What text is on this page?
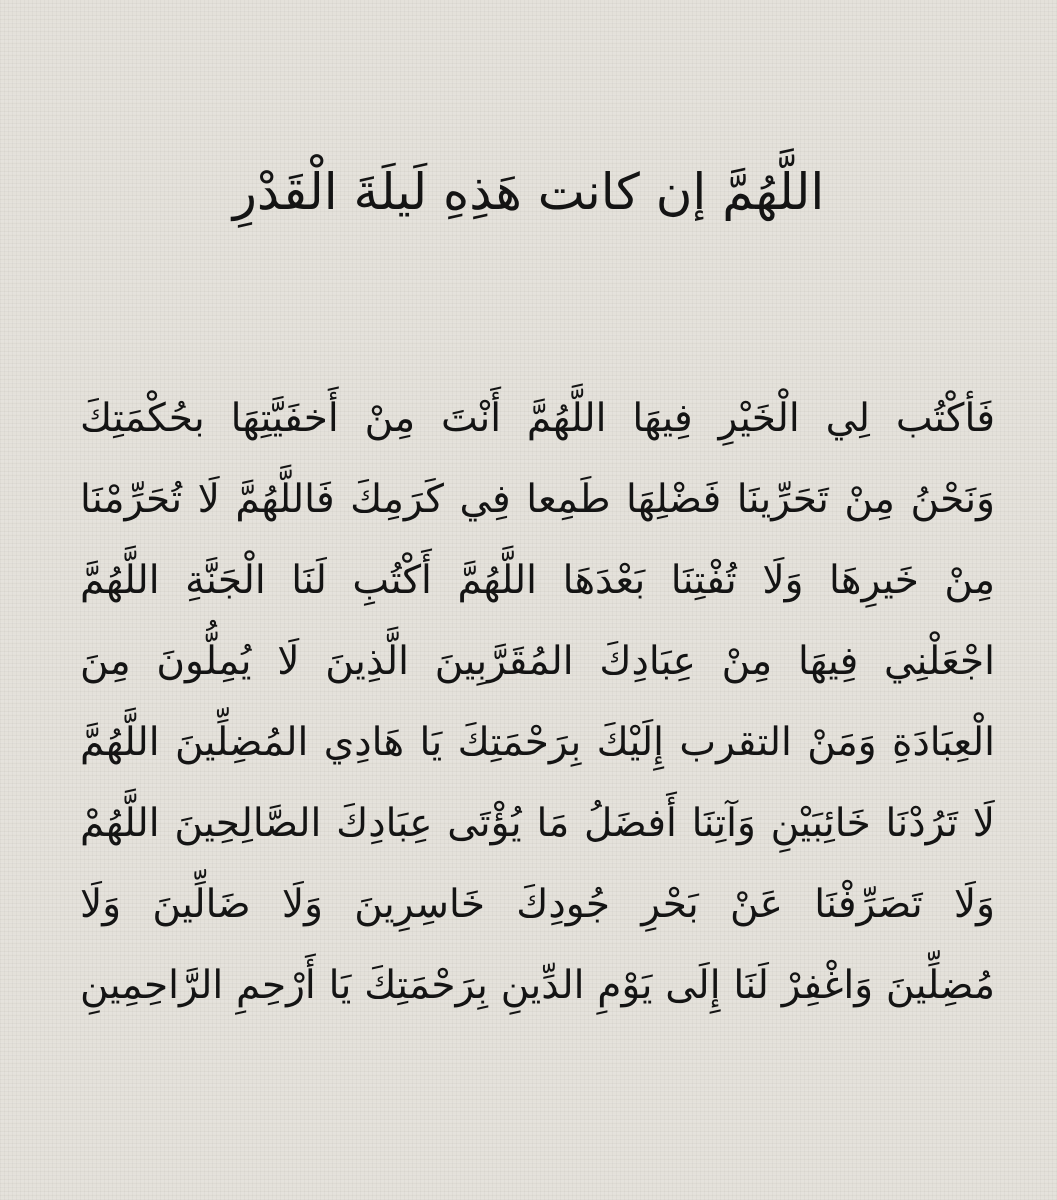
اللَّهُمَّ إن كانت هَذِهِ لَيلَةَ الْقَدْرِ
فَأكْتُب لِي الْخَيْرِ فِيهَا اللَّهُمَّ أَنْتَ مِنْ أَخفَيَّتِهَا بحُكْمَتِكَ
وَنَحْنُ مِنْ تَحَرِّينَا فَضْلِهَا طَمِعا فِي كَرَمِكَ فَاللَّهُمَّ لَا تُحَرِّمْنَا
مِنْ خَيرِهَا وَلَا تُفْتِنَا بَعْدَهَا اللَّهُمَّ أَكْتُبِ لَنَا الْجَنَّةِ اللَّهُمَّ
اجْعَلْنِي فِيهَا مِنْ عِبَادِكَ المُقَرَّبِينَ الَّذِينَ لَا يُمِلُّونَ مِنَ
الْعِبَادَةِ وَمَنْ التقرب إِلَيْكَ بِرَحْمَتِكَ يَا هَادِي المُضِلِّينَ اللَّهُمَّ
لَا تَرُدْنَا خَائِبَيْنِ وَآتِنَا أَفضَلُ مَا يُؤْتَى عِبَادِكَ الصَّالِحِينَ اللَّهُمْ
وَلَا تَصَرِّفْنَا عَنْ بَحْرِ جُودِكَ خَاسِرِينَ وَلَا ضَالِّينَ وَلَا
مُضِلِّينَ وَاغْفِرْ لَنَا إِلَى يَوْمِ الدِّينِ بِرَحْمَتِكَ يَا أَرْحِمِ الرَّاحِمِينِ
